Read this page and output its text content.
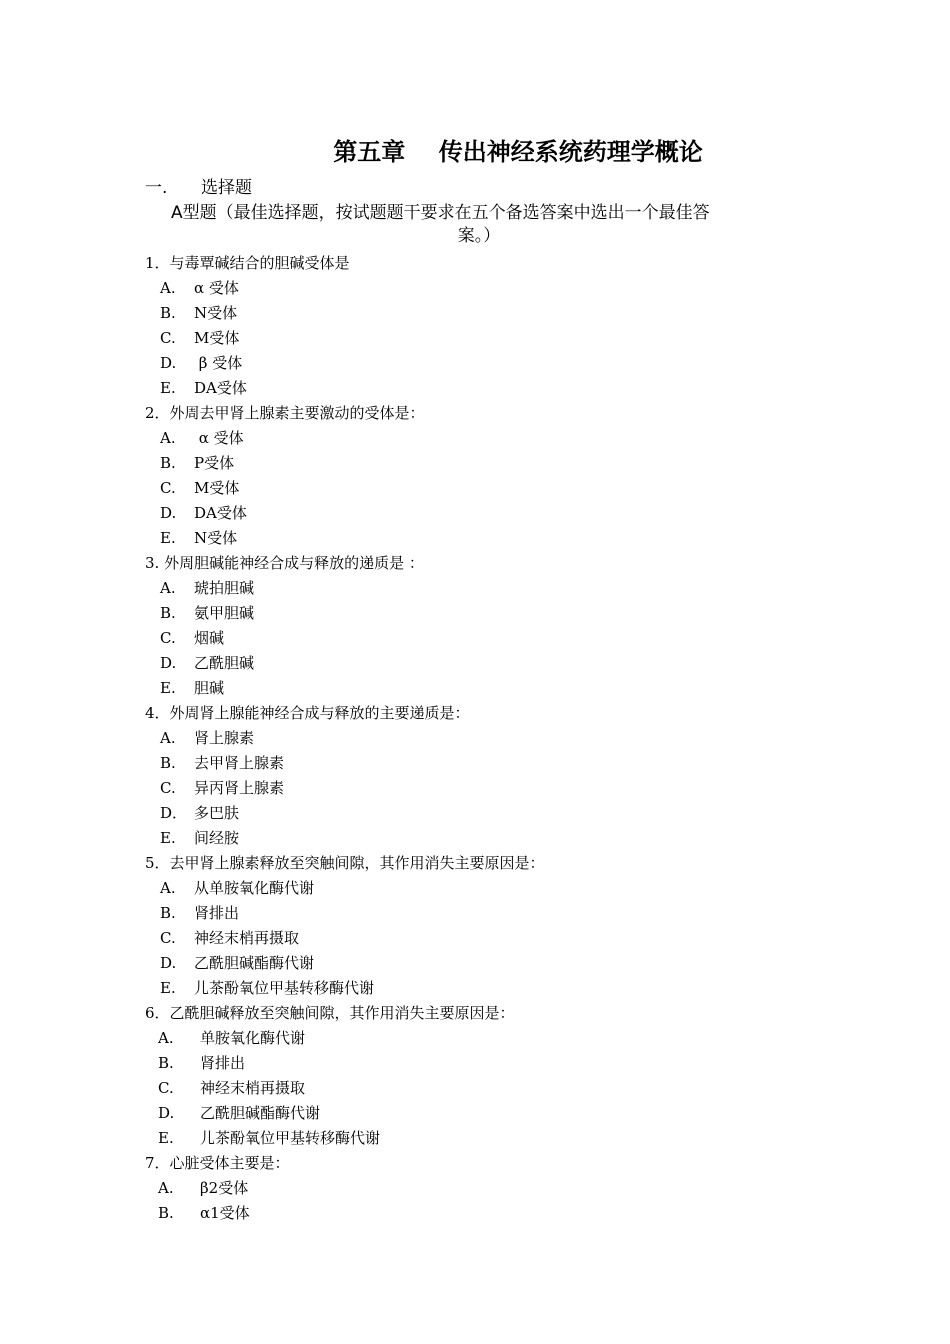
第五章    传出神经系统药理学概论
一. 选择题
A型题（最佳选择题，按试题题干要求在五个备选答案中选出一个最佳答
案。）
1．与毒覃碱结合的胆碱受体是
A.	α 受体
B.	N受体
C.	M受体
D.	β 受体
E.	DA受体
2．外周去甲肾上腺素主要激动的受体是：
A.	α 受体
B.	P受体
C.	M受体
D.	DA受体
E.	N受体
3. 外周胆碱能神经合成与释放的递质是 ：
A.	琥拍胆碱
B.	氨甲胆碱
C.	烟碱
D.	乙酰胆碱
E.	胆碱
4．外周肾上腺能神经合成与释放的主要递质是：
A.	肾上腺素
B.	去甲肾上腺素
C.	异丙肾上腺素
D． 多巴肤
E.	间经胺
5．去甲肾上腺素释放至突触间隙，其作用消失主要原因是：
A.	从单胺氧化酶代谢
B.	肾排出
C.	神经末梢再摄取
D.	乙酰胆碱酯酶代谢
E.	儿茶酚氧位甲基转移酶代谢
6．乙酰胆碱释放至突触间隙，其作用消失主要原因是：
A.	单胺氧化酶代谢
B.	肾排出
C.	神经末梢再摄取
D.	乙酰胆碱酯酶代谢
E.	儿茶酚氧位甲基转移酶代谢
7．心脏受体主要是：
A.	β2受体
B.	α1受体
